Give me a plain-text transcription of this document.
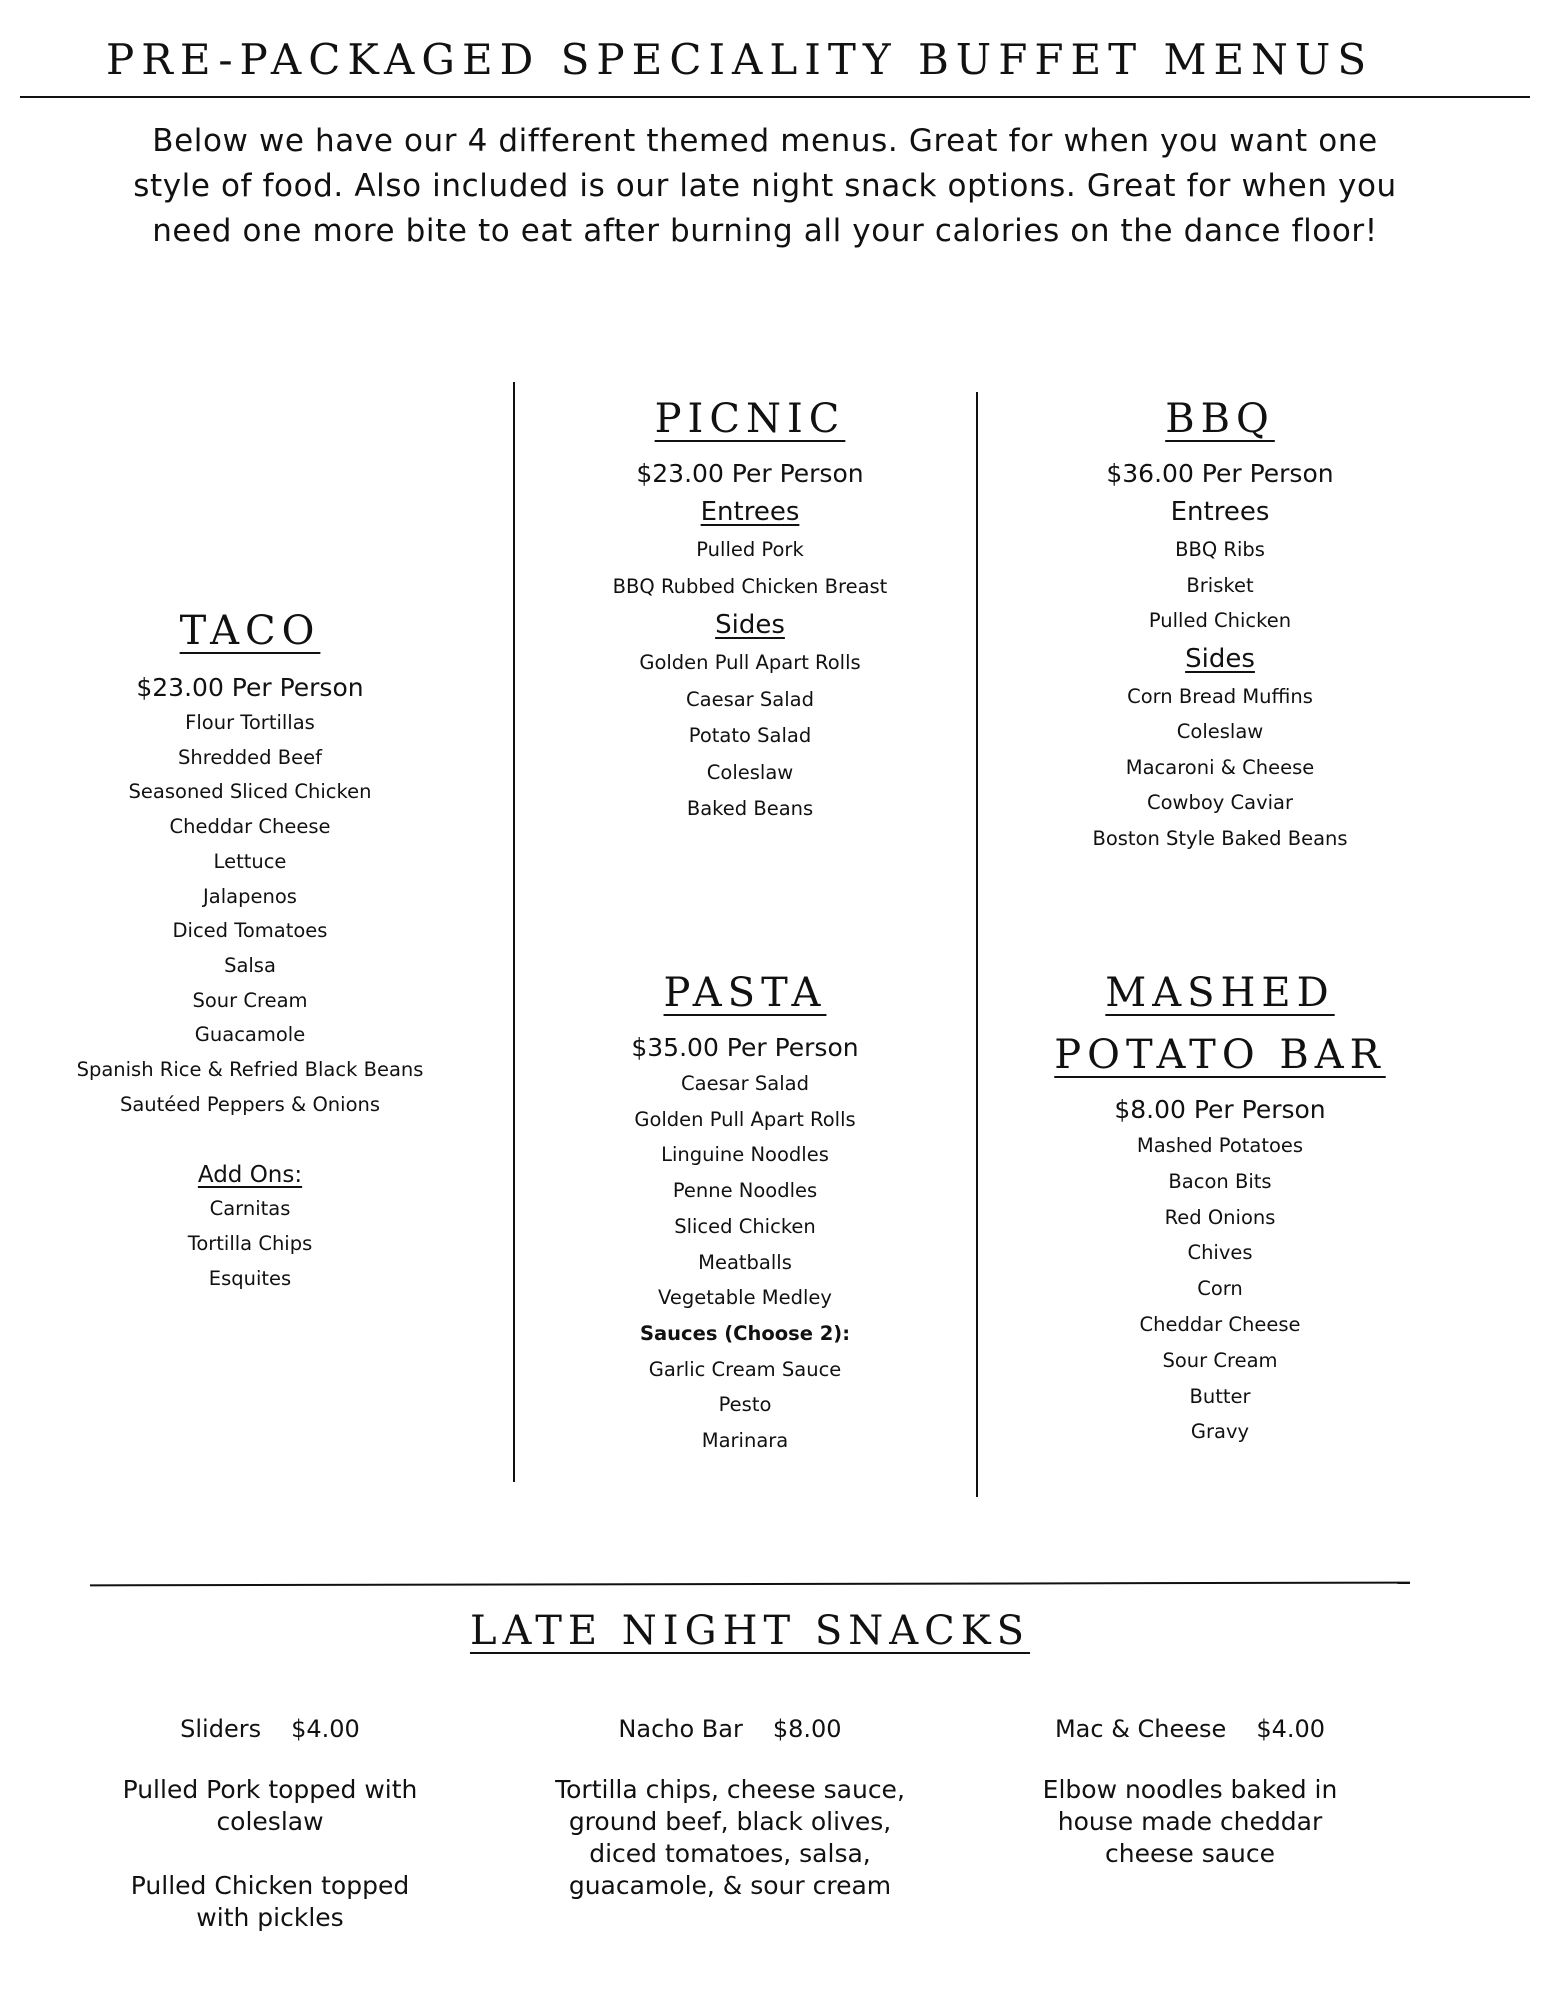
PRE-PACKAGED SPECIALITY BUFFET MENUS

Below we have our 4 different themed menus. Great for when you want one style of food. Also included is our late night snack options. Great for when you need one more bite to eat after burning all your calories on the dance floor!

TACO
$23.00 Per Person
Flour Tortillas
Shredded Beef
Seasoned Sliced Chicken
Cheddar Cheese
Lettuce
Jalapenos
Diced Tomatoes
Salsa
Sour Cream
Guacamole
Spanish Rice & Refried Black Beans
Sautéed Peppers & Onions
Add Ons:
Carnitas
Tortilla Chips
Esquites
PICNIC
$23.00 Per Person
Entrees
Pulled Pork
BBQ Rubbed Chicken Breast
Sides
Golden Pull Apart Rolls
Caesar Salad
Potato Salad
Coleslaw
Baked Beans
BBQ
$36.00 Per Person
Entrees
BBQ Ribs
Brisket
Pulled Chicken
Sides
Corn Bread Muffins
Coleslaw
Macaroni & Cheese
Cowboy Caviar
Boston Style Baked Beans
PASTA
$35.00 Per Person
Caesar Salad
Golden Pull Apart Rolls
Linguine Noodles
Penne Noodles
Sliced Chicken
Meatballs
Vegetable Medley
Sauces (Choose 2):
Garlic Cream Sauce
Pesto
Marinara
MASHED
POTATO BAR
$8.00 Per Person
Mashed Potatoes
Bacon Bits
Red Onions
Chives
Corn
Cheddar Cheese
Sour Cream
Butter
Gravy
LATE NIGHT SNACKS
Sliders $4.00

Pulled Pork topped with coleslaw

Pulled Chicken topped with pickles

Nacho Bar $8.00

Tortilla chips, cheese sauce, ground beef, black olives, diced tomatoes, salsa, guacamole, & sour cream

Mac & Cheese $4.00

Elbow noodles baked in house made cheddar cheese sauce
